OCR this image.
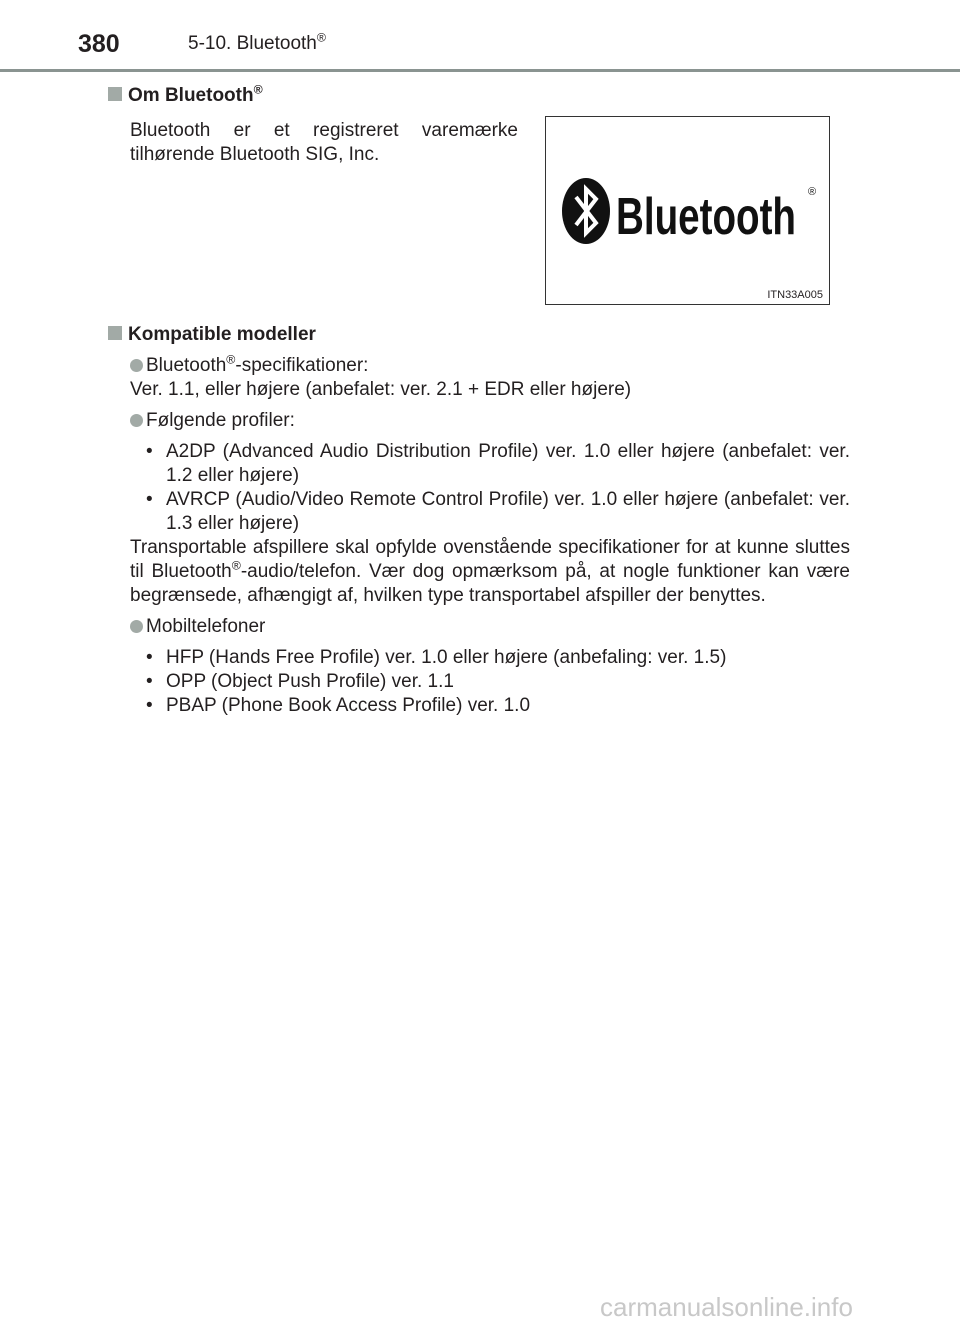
380	5-10. Bluetooth®
Om Bluetooth®
Bluetooth er et registreret varemærke tilhørende Bluetooth SIG, Inc.
Bluetooth ®
ITN33A005
Kompatible modeller
Bluetooth®-specifikationer:
Ver. 1.1, eller højere (anbefalet: ver. 2.1 + EDR eller højere)
Følgende profiler:
• A2DP (Advanced Audio Distribution Profile) ver. 1.0 eller højere (anbefalet: ver. 1.2 eller højere)
• AVRCP (Audio/Video Remote Control Profile) ver. 1.0 eller højere (anbefalet: ver. 1.3 eller højere)
Transportable afspillere skal opfylde ovenstående specifikationer for at kunne sluttes til Bluetooth®-audio/telefon. Vær dog opmærksom på, at nogle funktioner kan være begrænsede, afhængigt af, hvilken type transportabel afspiller der benyttes.
Mobiltelefoner
• HFP (Hands Free Profile) ver. 1.0 eller højere (anbefaling: ver. 1.5)
• OPP (Object Push Profile) ver. 1.1
• PBAP (Phone Book Access Profile) ver. 1.0
carmanualsonline.info
